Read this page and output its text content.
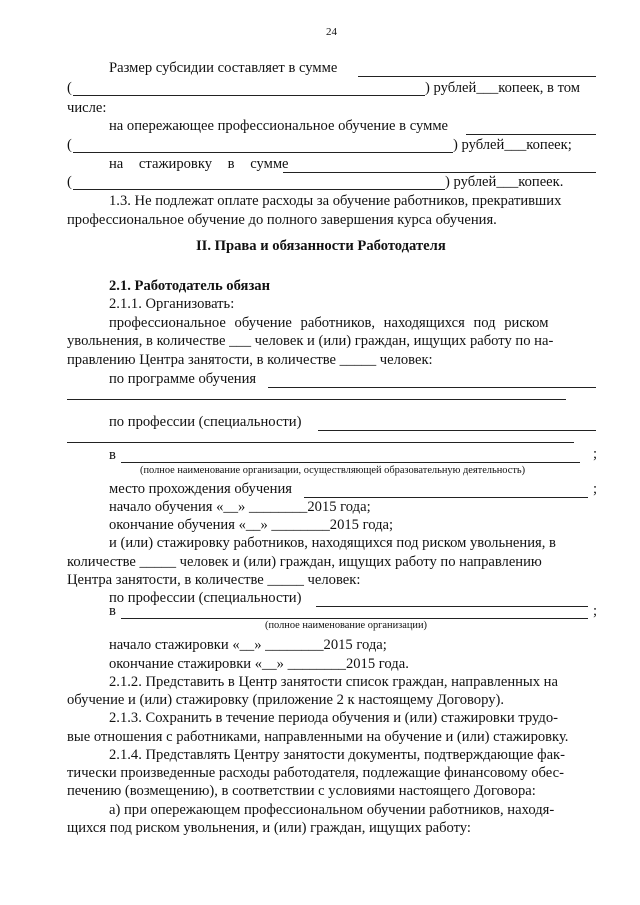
24
Размер субсидии составляет в сумме
(	) рублей___копеек, в том
числе:
на опережающее профессиональное обучение в сумме
(	) рублей___копеек;
на стажировку в сумме
(	) рублей___копеек.
1.3. Не подлежат оплате расходы за обучение работников, прекративших
профессиональное обучение до полного завершения курса обучения.
II. Права и обязанности Работодателя
2.1. Работодатель обязан
2.1.1. Организовать:
профессиональное обучение работников, находящихся под риском
увольнения, в количестве ___ человек и (или) граждан, ищущих работу по на-
правлению Центра занятости, в количестве _____ человек:
по программе обучения
по профессии (специальности)
в	;
(полное наименование организации, осуществляющей образовательную деятельность)
место прохождения обучения	;
начало обучения «__» ________2015 года;
окончание обучения «__» ________2015 года;
и (или) стажировку работников, находящихся под риском увольнения, в
количестве _____ человек и (или) граждан, ищущих работу по направлению
Центра занятости, в количестве _____ человек:
по профессии (специальности)
в	;
(полное наименование организации)
начало стажировки «__» ________2015 года;
окончание стажировки «__» ________2015 года.
2.1.2. Представить в Центр занятости список граждан, направленных на
обучение и (или) стажировку (приложение 2 к настоящему Договору).
2.1.3. Сохранить в течение периода обучения и (или) стажировки трудо-
вые отношения с работниками, направленными на обучение и (или) стажировку.
2.1.4. Представлять Центру занятости документы, подтверждающие фак-
тически произведенные расходы работодателя, подлежащие финансовому обес-
печению (возмещению), в соответствии с условиями настоящего Договора:
а) при опережающем профессиональном обучении работников, находя-
щихся под риском увольнения, и (или) граждан, ищущих работу:
